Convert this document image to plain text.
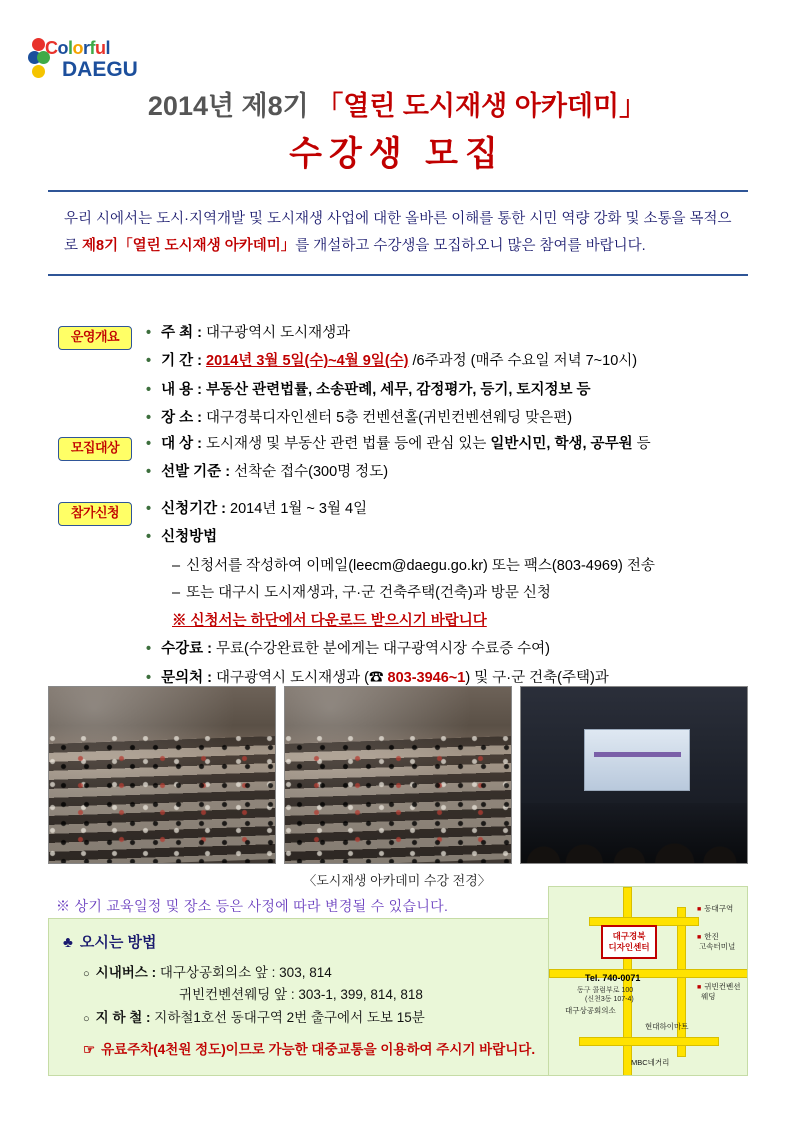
Colorful
DAEGU
2014년 제8기 「열린 도시재생 아카데미」
수강생 모집
우리 시에서는 도시·지역개발 및 도시재생 사업에 대한 올바른 이해를 통한 시민 역량 강화 및 소통을 목적으로 제8기「열린 도시재생 아카데미」를 개설하고 수강생을 모집하오니 많은 참여를 바랍니다.
운영개요	• 주 최 : 대구광역시 도시재생과
• 기 간 : 2014년 3월 5일(수)~4월 9일(수) /6주과정 (매주 수요일 저녁 7~10시)
• 내 용 : 부동산 관련법률, 소송판례, 세무, 감정평가, 등기, 토지정보 등
• 장 소 : 대구경북디자인센터 5층 컨벤션홀(귀빈컨벤션웨딩 맞은편)
모집대상	• 대 상 : 도시재생 및 부동산 관련 법률 등에 관심 있는 일반시민, 학생, 공무원 등
• 선발 기준 : 선착순 접수(300명 정도)
참가신청	• 신청기간 : 2014년 1월 ~ 3월 4일
• 신청방법
– 신청서를 작성하여 이메일(leecm@daegu.go.kr) 또는 팩스(803-4969) 전송
– 또는 대구시 도시재생과, 구·군 건축주택(건축)과 방문 신청
※ 신청서는 하단에서 다운로드 받으시기 바랍니다
• 수강료 : 무료(수강완료한 분에게는 대구광역시장 수료증 수여)
• 문의처 : 대구광역시 도시재생과 (☎ 803-3946~1) 및 구·군 건축(주택)과
〈도시재생 아카데미 수강 전경〉
※ 상기 교육일정 및 장소 등은 사정에 따라 변경될 수 있습니다.
♣ 오시는 방법
○ 시내버스 : 대구상공회의소 앞 : 303, 814
귀빈컨벤션웨딩 앞 : 303-1, 399, 814, 818
○ 지 하 철 : 지하철1호선 동대구역 2번 출구에서 도보 15분
☞ 유료주차(4천원 정도)이므로 가능한 대중교통을 이용하여 주시기 바랍니다.
대구경북
디자인센터
Tel. 740-0071
동구 콜럼부로 100
(신천3동 107-4)
■ 동대구역
■ 한진
고속터미널
■ 귀빈컨벤션
웨딩
대구상공회의소
현대하이마트
MBC네거리
